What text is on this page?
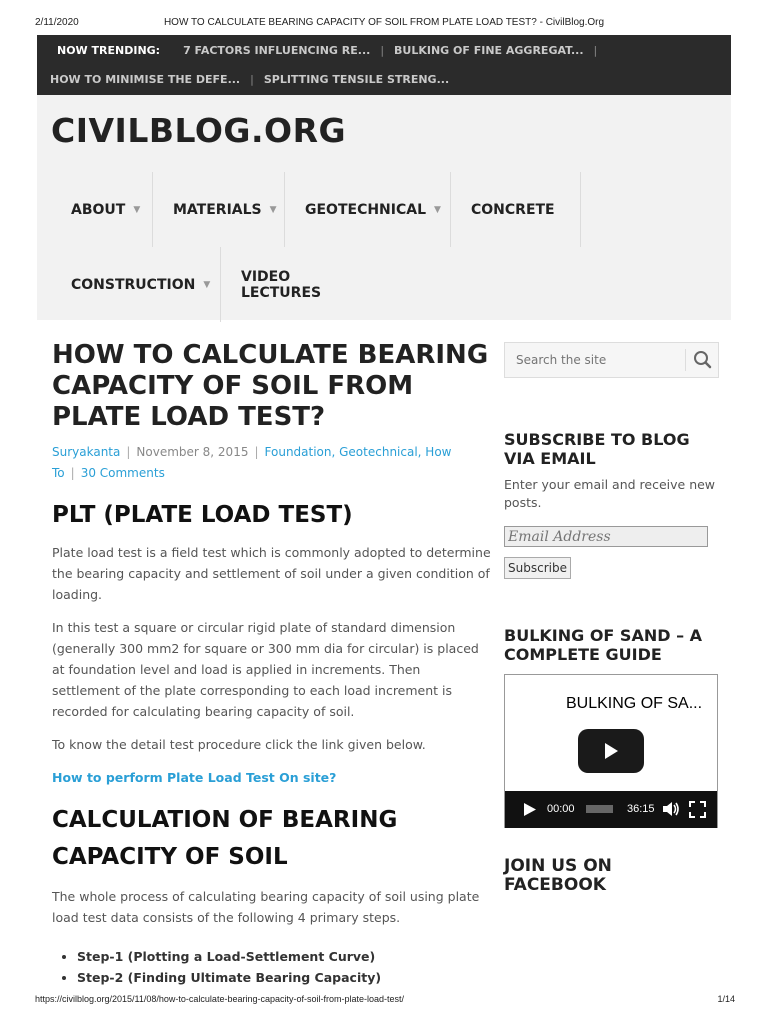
2/11/2020	HOW TO CALCULATE BEARING CAPACITY OF SOIL FROM PLATE LOAD TEST? - CivilBlog.Org
NOW TRENDING: 7 FACTORS INFLUENCING RE... | BULKING OF FINE AGGREGAT... |
HOW TO MINIMISE THE DEFE... | SPLITTING TENSILE STRENG...
CIVILBLOG.ORG
ABOUT ▼	MATERIALS ▼	GEOTECHNICAL ▼	CONCRETE
CONSTRUCTION ▼	VIDEO LECTURES
HOW TO CALCULATE BEARING CAPACITY OF SOIL FROM PLATE LOAD TEST?
Suryakanta | November 8, 2015 | Foundation, Geotechnical, How To | 30 Comments
PLT (PLATE LOAD TEST)

Plate load test is a field test which is commonly adopted to determine the bearing capacity and settlement of soil under a given condition of loading.

In this test a square or circular rigid plate of standard dimension (generally 300 mm2 for square or 300 mm dia for circular) is placed at foundation level and load is applied in increments. Then settlement of the plate corresponding to each load increment is recorded for calculating bearing capacity of soil.

To know the detail test procedure click the link given below.

How to perform Plate Load Test On site?

CALCULATION OF BEARING CAPACITY OF SOIL

The whole process of calculating bearing capacity of soil using plate load test data consists of the following 4 primary steps.

• Step-1 (Plotting a Load-Settlement Curve)
• Step-2 (Finding Ultimate Bearing Capacity)
Search the site
SUBSCRIBE TO BLOG VIA EMAIL
Enter your email and receive new posts.
Email Address
Subscribe
BULKING OF SAND – A COMPLETE GUIDE
BULKING OF SA...
00:00	36:15
JOIN US ON FACEBOOK
https://civilblog.org/2015/11/08/how-to-calculate-bearing-capacity-of-soil-from-plate-load-test/	1/14
